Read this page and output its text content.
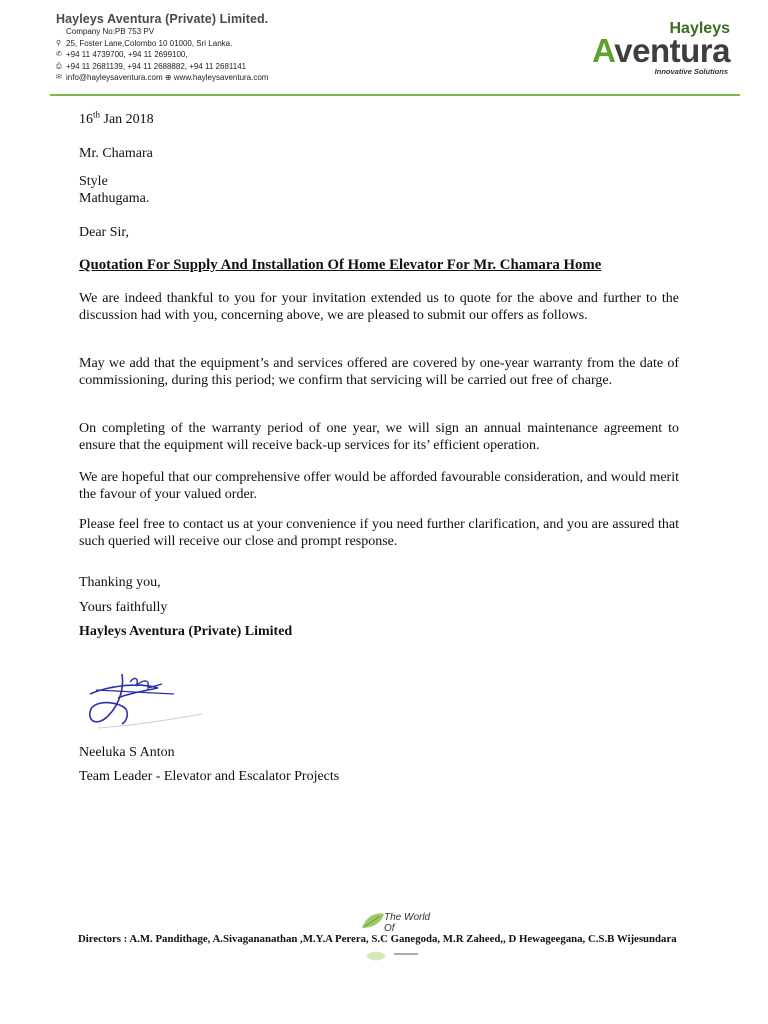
Hayleys Aventura (Private) Limited.
Company No:PB 753 PV
⚲ 25, Foster Lane,Colombo 10 01000, Sri Lanka.
✆ +94 11 4739700, +94 11 2699100,
⎙ +94 11 2681139, +94 11 2688882, +94 11 2681141
✉ info@hayleysaventura.com ⊕ www.hayleysaventura.com
Hayleys
Aventura
Innovative Solutions
16th Jan 2018
Mr. Chamara
Style
Mathugama.
Dear Sir,
Quotation For Supply And Installation Of Home Elevator For Mr. Chamara Home
We are indeed thankful to you for your invitation extended us to quote for the above and further to the discussion had with you, concerning above, we are pleased to submit our offers as follows.
May we add that the equipment’s and services offered are covered by one-year warranty from the date of commissioning, during this period; we confirm that servicing will be carried out free of charge.
On completing of the warranty period of one year, we will sign an annual maintenance agreement to ensure that the equipment will receive back-up services for its’ efficient operation.
We are hopeful that our comprehensive offer would be afforded favourable consideration, and would merit the favour of your valued order.
Please feel free to contact us at your convenience if you need further clarification, and you are assured that such queried will receive our close and prompt response.
Thanking you,
Yours faithfully
Hayleys Aventura (Private) Limited
Neeluka S Anton
Team Leader - Elevator and Escalator Projects
The World Of
Directors : A.M. Pandithage, A.Sivagananathan ,M.Y.A Perera, S.C Ganegoda, M.R Zaheed,, D Hewageegana, C.S.B Wijesundara
